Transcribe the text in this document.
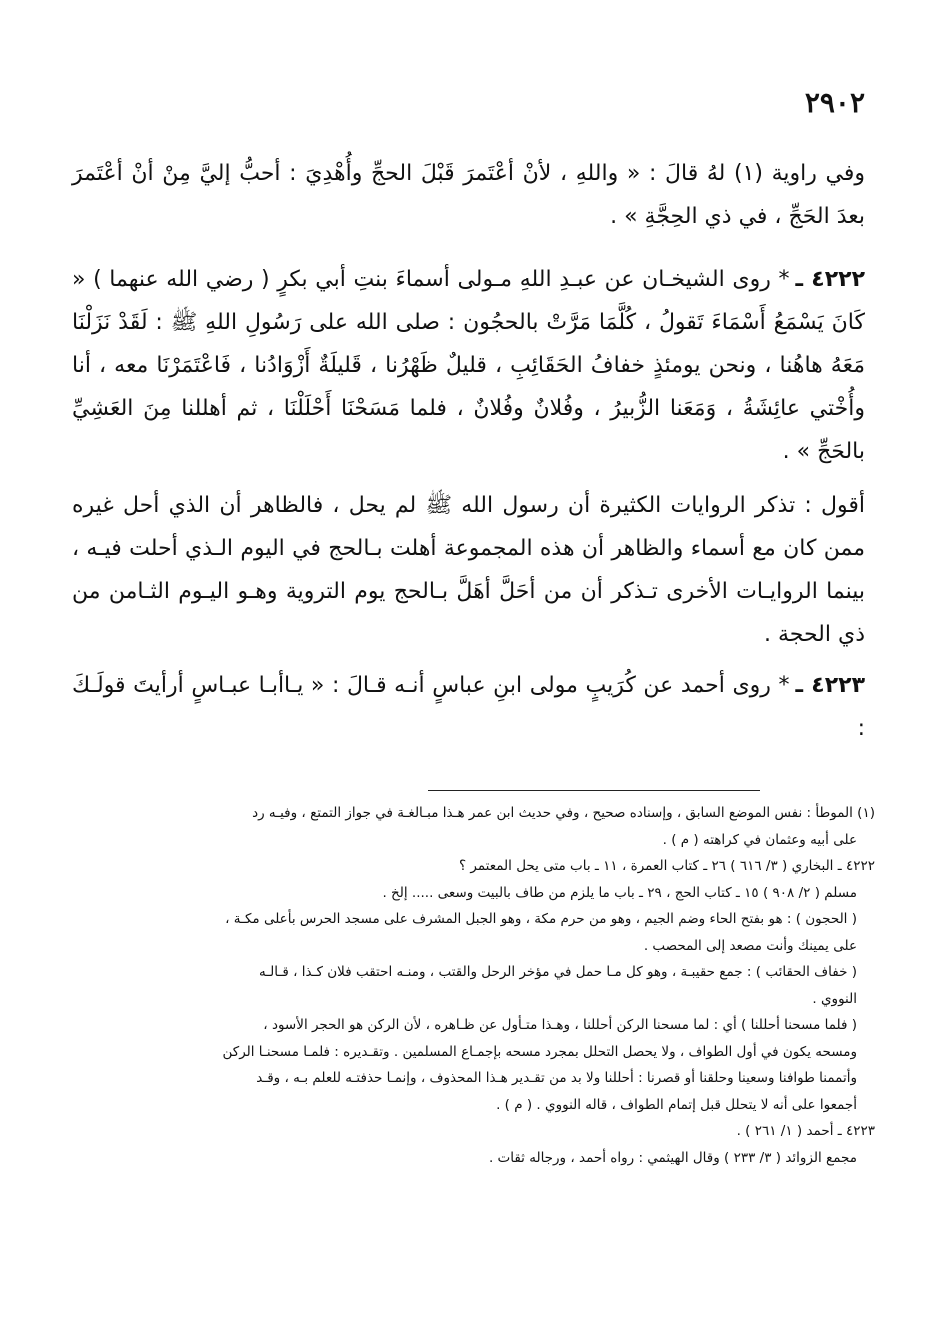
٢٩٠٢

وفي راوية (١) لهُ قالَ : « واللهِ ، لأنْ أعْتَمرَ قَبْلَ الحجِّ وأُهْدِيَ : أحبُّ إليَّ مِنْ أنْ أعْتَمرَ بعدَ الحَجِّ ، في ذي الحِجَّةِ » .

٤٢٢٢ ـ* روى الشيخـان عن عبـدِ اللهِ مـولى أسماءَ بنتِ أبي بكرٍ ( رضي الله عنهما ) « كَانَ يَسْمَعُ أَسْمَاءَ تَقولُ ، كُلَّمَا مَرَّتْ بالحجُون : صلى الله على رَسُولِ اللهِ ﷺ : لَقَدْ نَزَلْنَا مَعَهُ هاهُنا ، ونحن يومئذٍ خفافُ الحَقَائِبِ ، قليلٌ ظَهْرُنا ، قَليلَةٌ أَزْوَادُنا ، فَاعْتَمَرْنَا معه ، أنا وأُخْتي عائِشَةُ ، وَمَعَنا الزُّبيرُ ، وفُلانٌ وفُلانٌ ، فلما مَسَحْنَا أَحْلَلْنَا ، ثم أهللنا مِنَ العَشِيِّ بالحَجِّ » .

أقول : تذكر الروايات الكثيرة أن رسول الله ﷺ لم يحل ، فالظاهر أن الذي أحل غيره ممن كان مع أسماء والظاهر أن هذه المجموعة أهلت بـالحج في اليوم الـذي أحلت فيـه ، بينما الروايـات الأخرى تـذكر أن من أحَلَّ أهَلَّ بـالحج يوم التروية وهـو اليـوم الثـامن من ذي الحجة .

٤٢٢٣ ـ* روى أحمد عن كُرَيبٍ مولى ابنِ عباسٍ أنـه قـالَ : « يـاأبـا عبـاسٍ أرأيتَ قولَـكَ :

(١) الموطأ : نفس الموضع السابق ، وإسناده صحيح ، وفي حديث ابن عمر هـذا مبـالغـة في جواز التمتع ، وفيـه رد

على أبيه وعثمان في كراهته ( م ) .

٤٢٢٢ ـ البخاري ( ٣/ ٦١٦ ) ٢٦ ـ كتاب العمرة ، ١١ ـ باب متى يحل المعتمر ؟

مسلم ( ٢/ ٩٠٨ ) ١٥ ـ كتاب الحج ، ٢٩ ـ باب ما يلزم من طاف بالبيت وسعى ..... إلخ .

( الحجون ) : هو بفتح الحاء وضم الجيم ، وهو من حرم مكة ، وهو الجبل المشرف على مسجد الحرس بأعلى مكـة ،

على يمينك وأنت مصعد إلى المحصب .

( خفاف الحقائب ) : جمع حقيبـة ، وهو كل مـا حمل في مؤخر الرحل والقتب ، ومنـه احتقب فلان كـذا ، قـالـه

النووي .

( فلما مسحنا أحللنا ) أي : لما مسحنا الركن أحللنا ، وهـذا متـأول عن ظـاهره ، لأن الركن هو الحجر الأسود ،

ومسحه يكون في أول الطواف ، ولا يحصل التحلل بمجرد مسحه بإجمـاع المسلمين . وتقـديره : فلمـا مسحنـا الركن

وأتممنا طوافنا وسعينا وحلقنا أو قصرنا : أحللنا ولا بد من تقـدير هـذا المحذوف ، وإنمـا حذفتـه للعلم بـه ، وقـد

أجمعوا على أنه لا يتحلل قبل إتمام الطواف ، قاله النووي . ( م ) .

٤٢٢٣ ـ أحمد ( ١/ ٢٦١ ) .

مجمع الزوائد ( ٣/ ٢٣٣ ) وقال الهيثمي : رواه أحمد ، ورجاله ثقات .
